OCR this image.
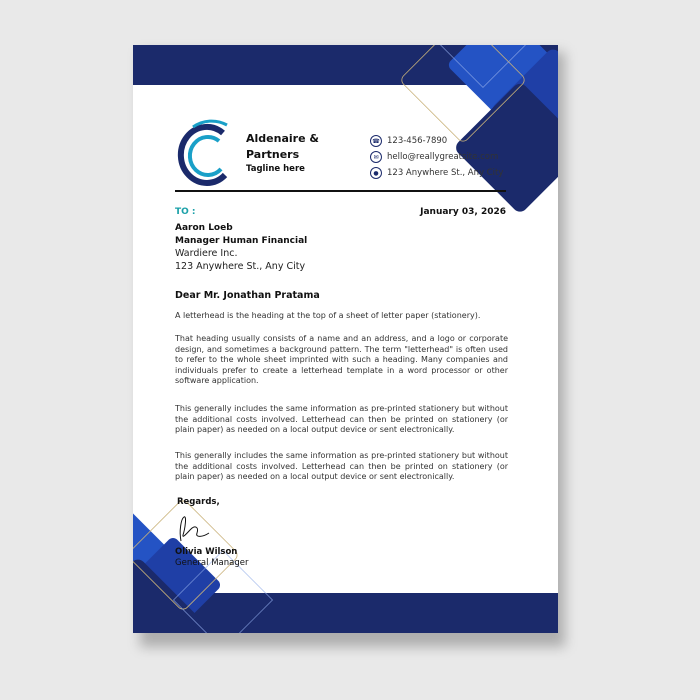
Aldenaire &
Partners
Tagline here
☎ 123-456-7890
✉ hello@reallygreatsite.com
● 123 Anywhere St., Any City
TO :	January 03, 2026
Aaron Loeb
Manager Human Financial
Wardiere Inc.
123 Anywhere St., Any City
Dear Mr. Jonathan Pratama
A letterhead is the heading at the top of a sheet of letter paper (stationery).
That heading usually consists of a name and an address, and a logo or corporate design, and sometimes a background pattern. The term "letterhead" is often used to refer to the whole sheet imprinted with such a heading. Many companies and individuals prefer to create a letterhead template in a word processor or other software application.
This generally includes the same information as pre-printed stationery but without the additional costs involved. Letterhead can then be printed on stationery (or plain paper) as needed on a local output device or sent electronically.
This generally includes the same information as pre-printed stationery but without the additional costs involved. Letterhead can then be printed on stationery (or plain paper) as needed on a local output device or sent electronically.
Regards,
Olivia Wilson
General Manager
